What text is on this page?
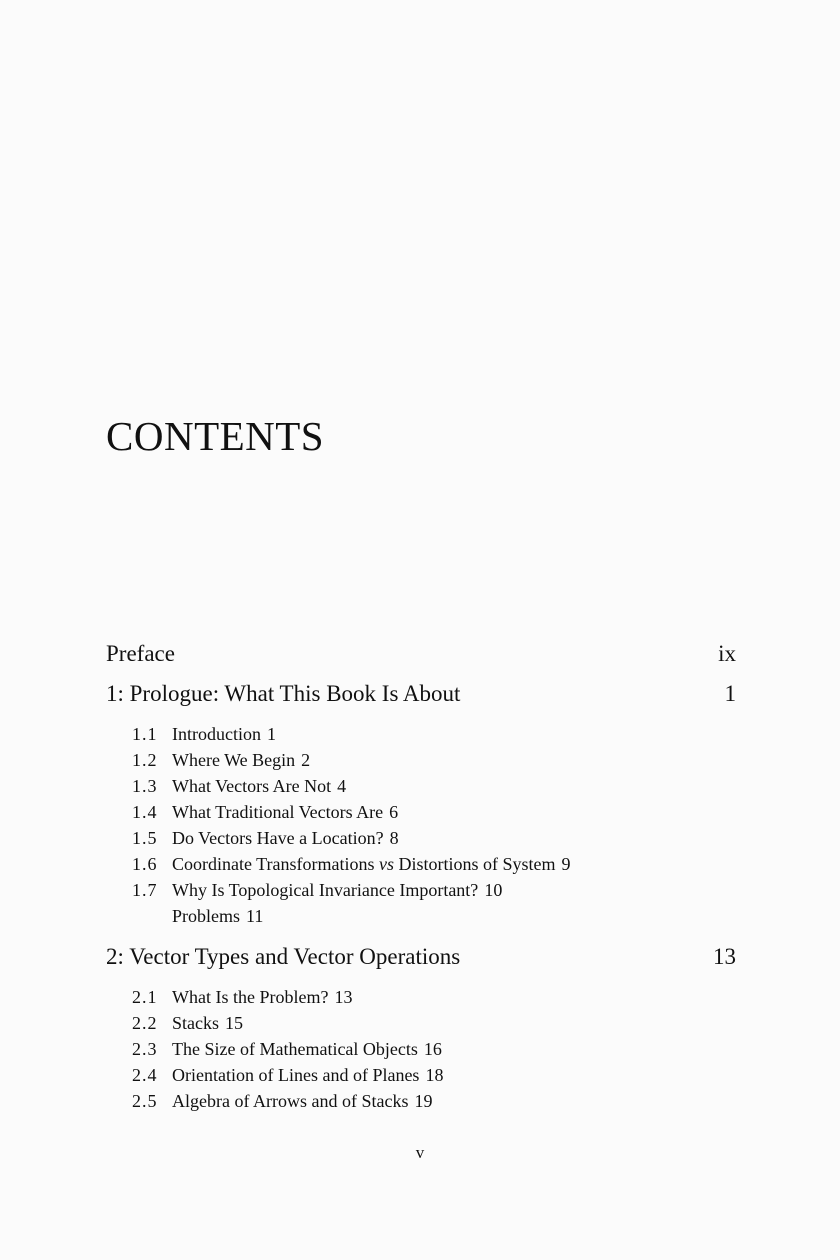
CONTENTS
Preface	ix
1: Prologue: What This Book Is About	1
1.1 Introduction 1
1.2 Where We Begin 2
1.3 What Vectors Are Not 4
1.4 What Traditional Vectors Are 6
1.5 Do Vectors Have a Location? 8
1.6 Coordinate Transformations vs Distortions of System 9
1.7 Why Is Topological Invariance Important? 10
Problems 11
2: Vector Types and Vector Operations	13
2.1 What Is the Problem? 13
2.2 Stacks 15
2.3 The Size of Mathematical Objects 16
2.4 Orientation of Lines and of Planes 18
2.5 Algebra of Arrows and of Stacks 19
v
